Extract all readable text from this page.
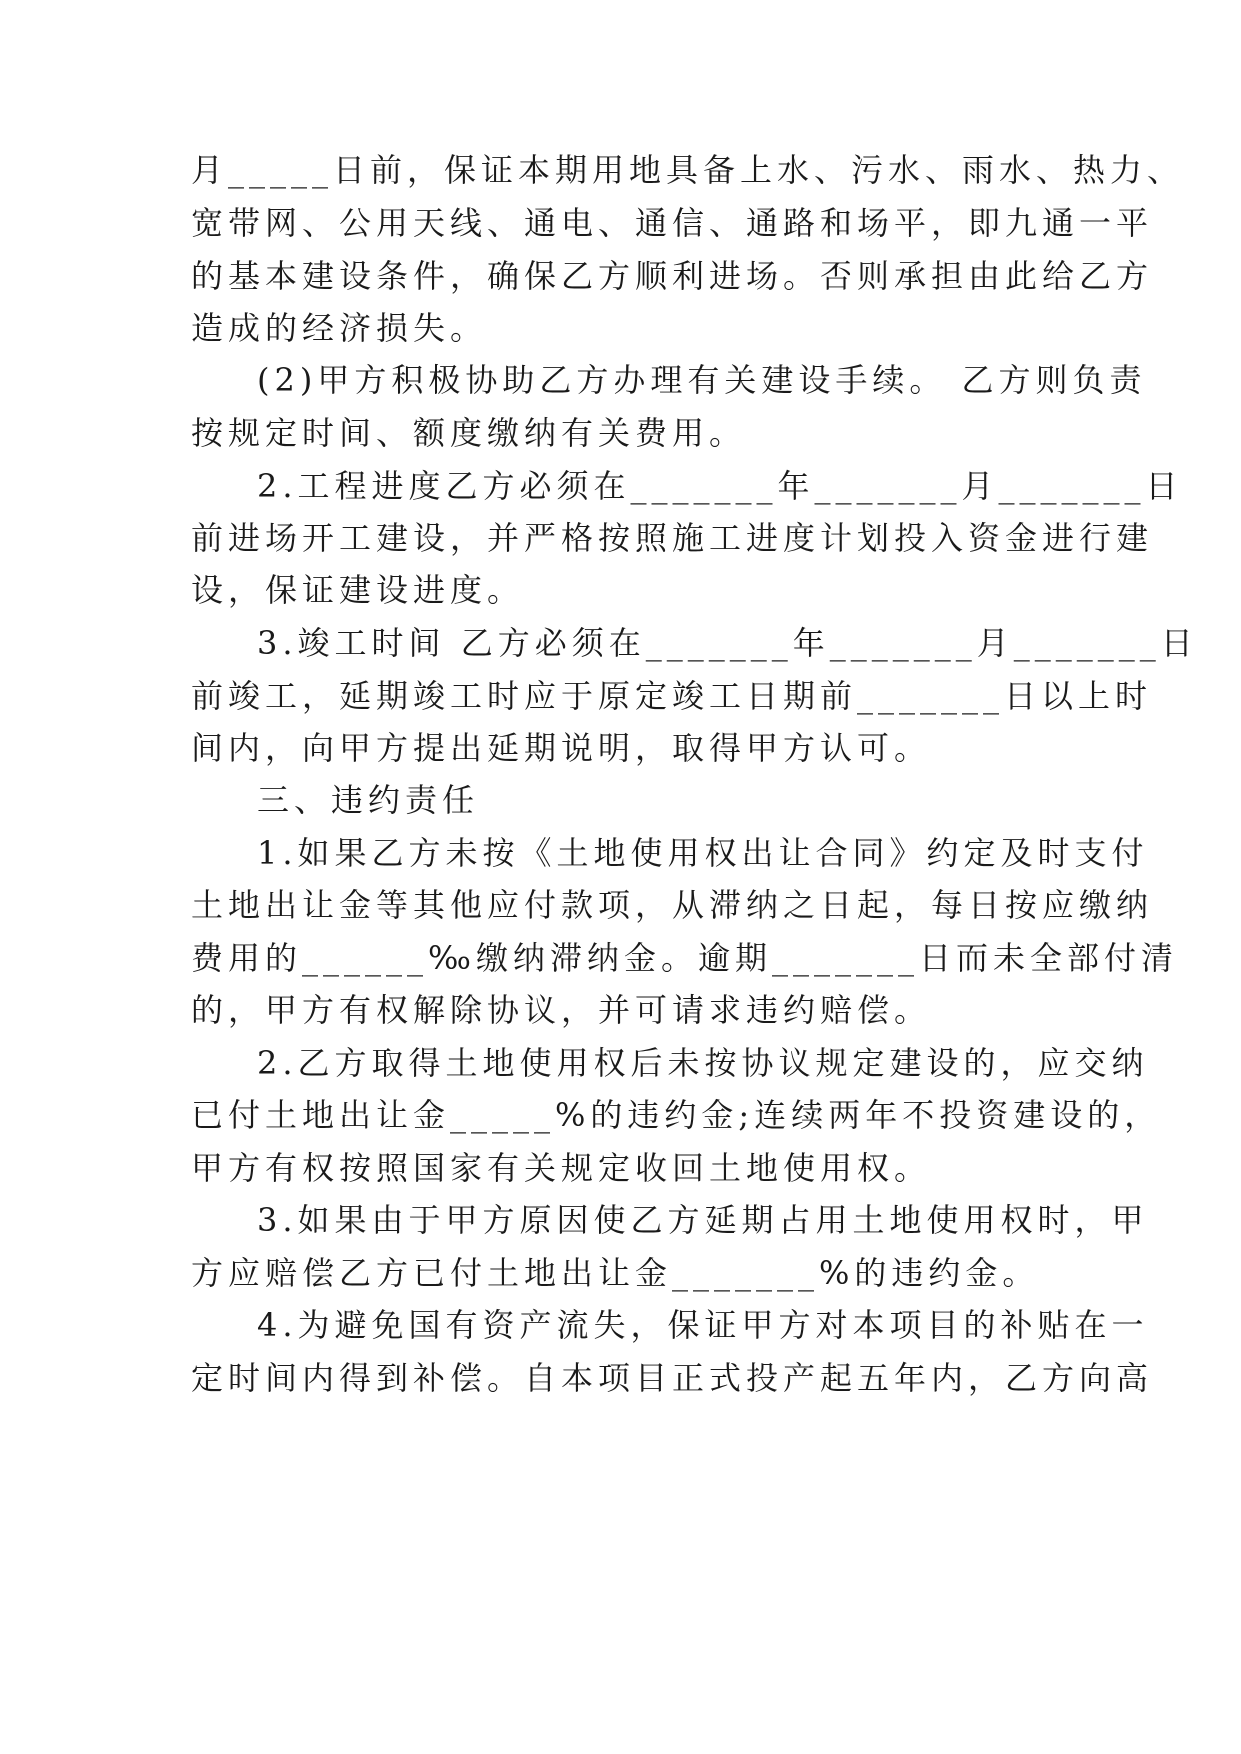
月_____日前，保证本期用地具备上水、污水、雨水、热力、
宽带网、公用天线、通电、通信、通路和场平，即九通一平
的基本建设条件，确保乙方顺利进场。否则承担由此给乙方
造成的经济损失。
(2)甲方积极协助乙方办理有关建设手续。 乙方则负责
按规定时间、额度缴纳有关费用。
2.工程进度乙方必须在_______年_______月_______日
前进场开工建设，并严格按照施工进度计划投入资金进行建
设，保证建设进度。
3.竣工时间 乙方必须在_______年_______月_______日
前竣工，延期竣工时应于原定竣工日期前_______日以上时
间内，向甲方提出延期说明，取得甲方认可。
三、违约责任
1.如果乙方未按《土地使用权出让合同》约定及时支付
土地出让金等其他应付款项，从滞纳之日起，每日按应缴纳
费用的______‰缴纳滞纳金。逾期_______日而未全部付清
的，甲方有权解除协议，并可请求违约赔偿。
2.乙方取得土地使用权后未按协议规定建设的，应交纳
已付土地出让金_____%的违约金;连续两年不投资建设的，
甲方有权按照国家有关规定收回土地使用权。
3.如果由于甲方原因使乙方延期占用土地使用权时，甲
方应赔偿乙方已付土地出让金_______%的违约金。
4.为避免国有资产流失，保证甲方对本项目的补贴在一
定时间内得到补偿。自本项目正式投产起五年内，乙方向高
